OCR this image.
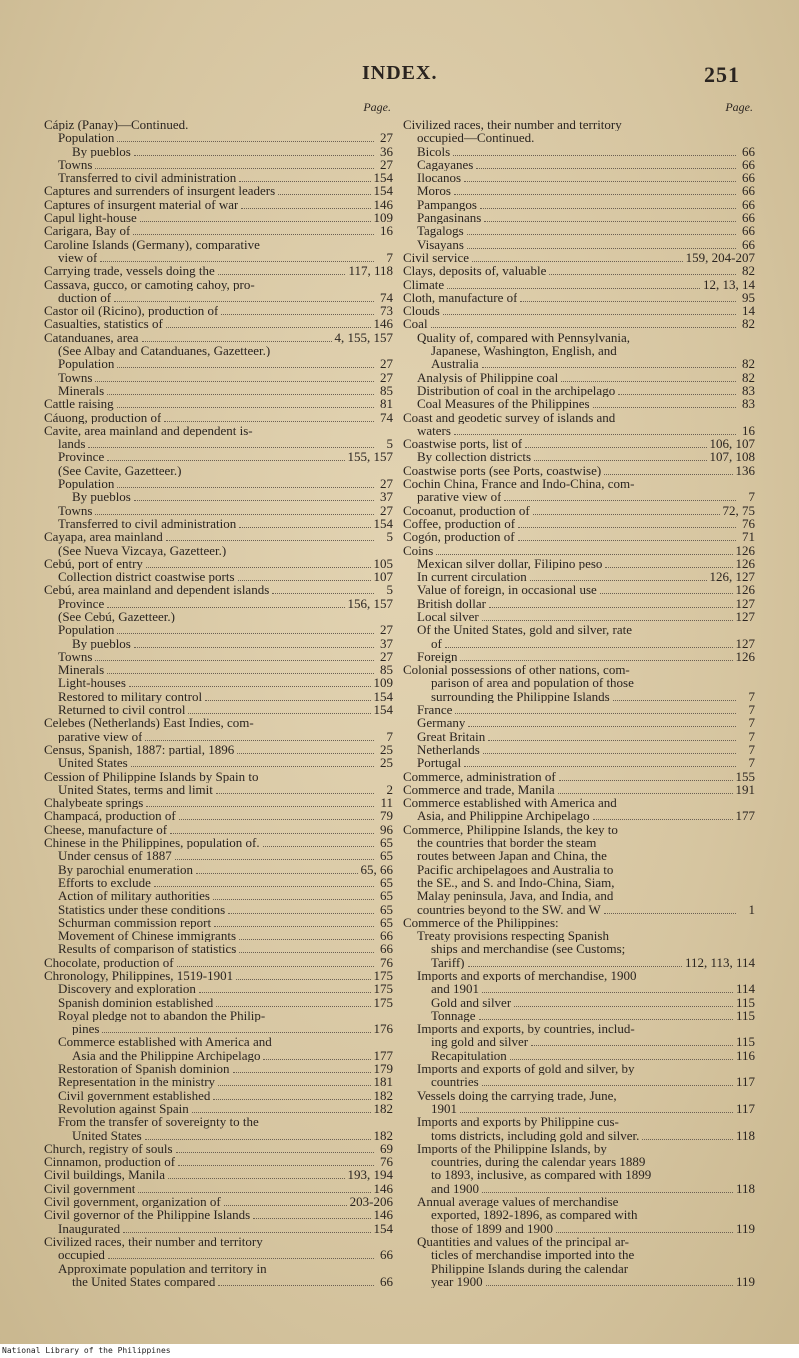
INDEX.	251
Page.
Cápiz (Panay)—Continued.
Population	27
By pueblos	36
Towns	27
Transferred to civil administration	154
Captures and surrenders of insurgent leaders	154
Captures of insurgent material of war	146
Capul light-house	109
Carigara, Bay of	16
Caroline Islands (Germany), comparative
view of	7
Carrying trade, vessels doing the	117, 118
Cassava, gucco, or camoting cahoy, pro-
duction of	74
Castor oil (Ricino), production of	73
Casualties, statistics of	146
Catanduanes, area	4, 155, 157
(See Albay and Catanduanes, Gazetteer.)
Population	27
Towns	27
Minerals	85
Cattle raising	81
Cáuong, production of	74
Cavite, area mainland and dependent is-
lands	5
Province	155, 157
(See Cavite, Gazetteer.)
Population	27
By pueblos	37
Towns	27
Transferred to civil administration	154
Cayapa, area mainland	5
(See Nueva Vizcaya, Gazetteer.)
Cebú, port of entry	105
Collection district coastwise ports	107
Cebú, area mainland and dependent islands	5
Province	156, 157
(See Cebú, Gazetteer.)
Population	27
By pueblos	37
Towns	27
Minerals	85
Light-houses	109
Restored to military control	154
Returned to civil control	154
Celebes (Netherlands) East Indies, com-
parative view of	7
Census, Spanish, 1887: partial, 1896	25
United States	25
Cession of Philippine Islands by Spain to
United States, terms and limit	2
Chalybeate springs	11
Champacá, production of	79
Cheese, manufacture of	96
Chinese in the Philippines, population of.	65
Under census of 1887	65
By parochial enumeration	65, 66
Efforts to exclude	65
Action of military authorities	65
Statistics under these conditions	65
Schurman commission report	65
Movement of Chinese immigrants	66
Results of comparison of statistics	66
Chocolate, production of	76
Chronology, Philippines, 1519-1901	175
Discovery and exploration	175
Spanish dominion established	175
Royal pledge not to abandon the Philip-
pines	176
Commerce established with America and
Asia and the Philippine Archipelago	177
Restoration of Spanish dominion	179
Representation in the ministry	181
Civil government established	182
Revolution against Spain	182
From the transfer of sovereignty to the
United States	182
Church, registry of souls	69
Cinnamon, production of	76
Civil buildings, Manila	193, 194
Civil government	146
Civil government, organization of	203-206
Civil governor of the Philippine Islands	146
Inaugurated	154
Civilized races, their number and territory
occupied	66
Approximate population and territory in
the United States compared	66
Page.
Civilized races, their number and territory
occupied—Continued.
Bicols	66
Cagayanes	66
Ilocanos	66
Moros	66
Pampangos	66
Pangasinans	66
Tagalogs	66
Visayans	66
Civil service	159, 204-207
Clays, deposits of, valuable	82
Climate	12, 13, 14
Cloth, manufacture of	95
Clouds	14
Coal	82
Quality of, compared with Pennsylvania,
Japanese, Washington, English, and
Australia	82
Analysis of Philippine coal	82
Distribution of coal in the archipelago	83
Coal Measures of the Philippines	83
Coast and geodetic survey of islands and
waters	16
Coastwise ports, list of	106, 107
By collection districts	107, 108
Coastwise ports (see Ports, coastwise)	136
Cochin China, France and Indo-China, com-
parative view of	7
Cocoanut, production of	72, 75
Coffee, production of	76
Cogón, production of	71
Coins	126
Mexican silver dollar, Filipino peso	126
In current circulation	126, 127
Value of foreign, in occasional use	126
British dollar	127
Local silver	127
Of the United States, gold and silver, rate
of	127
Foreign	126
Colonial possessions of other nations, com-
parison of area and population of those
surrounding the Philippine Islands	7
France	7
Germany	7
Great Britain	7
Netherlands	7
Portugal	7
Commerce, administration of	155
Commerce and trade, Manila	191
Commerce established with America and
Asia, and Philippine Archipelago	177
Commerce, Philippine Islands, the key to
the countries that border the steam
routes between Japan and China, the
Pacific archipelagoes and Australia to
the SE., and S. and Indo-China, Siam,
Malay peninsula, Java, and India, and
countries beyond to the SW. and W	1
Commerce of the Philippines:
Treaty provisions respecting Spanish
ships and merchandise (see Customs;
Tariff)	112, 113, 114
Imports and exports of merchandise, 1900
and 1901	114
Gold and silver	115
Tonnage	115
Imports and exports, by countries, includ-
ing gold and silver	115
Recapitulation	116
Imports and exports of gold and silver, by
countries	117
Vessels doing the carrying trade, June,
1901	117
Imports and exports by Philippine cus-
toms districts, including gold and silver.	118
Imports of the Philippine Islands, by
countries, during the calendar years 1889
to 1893, inclusive, as compared with 1899
and 1900	118
Annual average values of merchandise
exported, 1892-1896, as compared with
those of 1899 and 1900	119
Quantities and values of the principal ar-
ticles of merchandise imported into the
Philippine Islands during the calendar
year 1900	119
National Library of the Philippines
